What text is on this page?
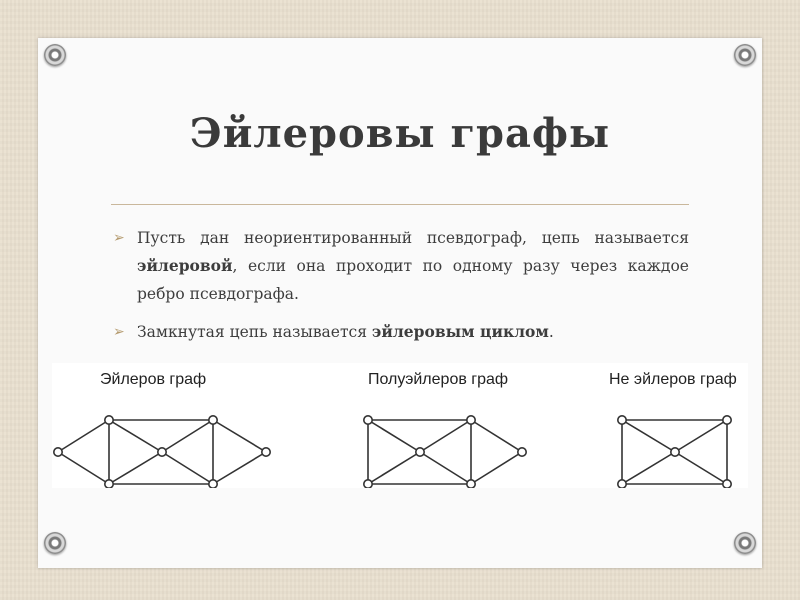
Эйлеровы графы
➢ Пусть дан неориентированный псевдограф, цепь называется эйлеровой, если она проходит по одному разу через каждое ребро псевдографа.
➢ Замкнутая цепь называется эйлеровым циклом.
Эйлеров граф	Полуэйлеров граф	Не эйлеров граф
